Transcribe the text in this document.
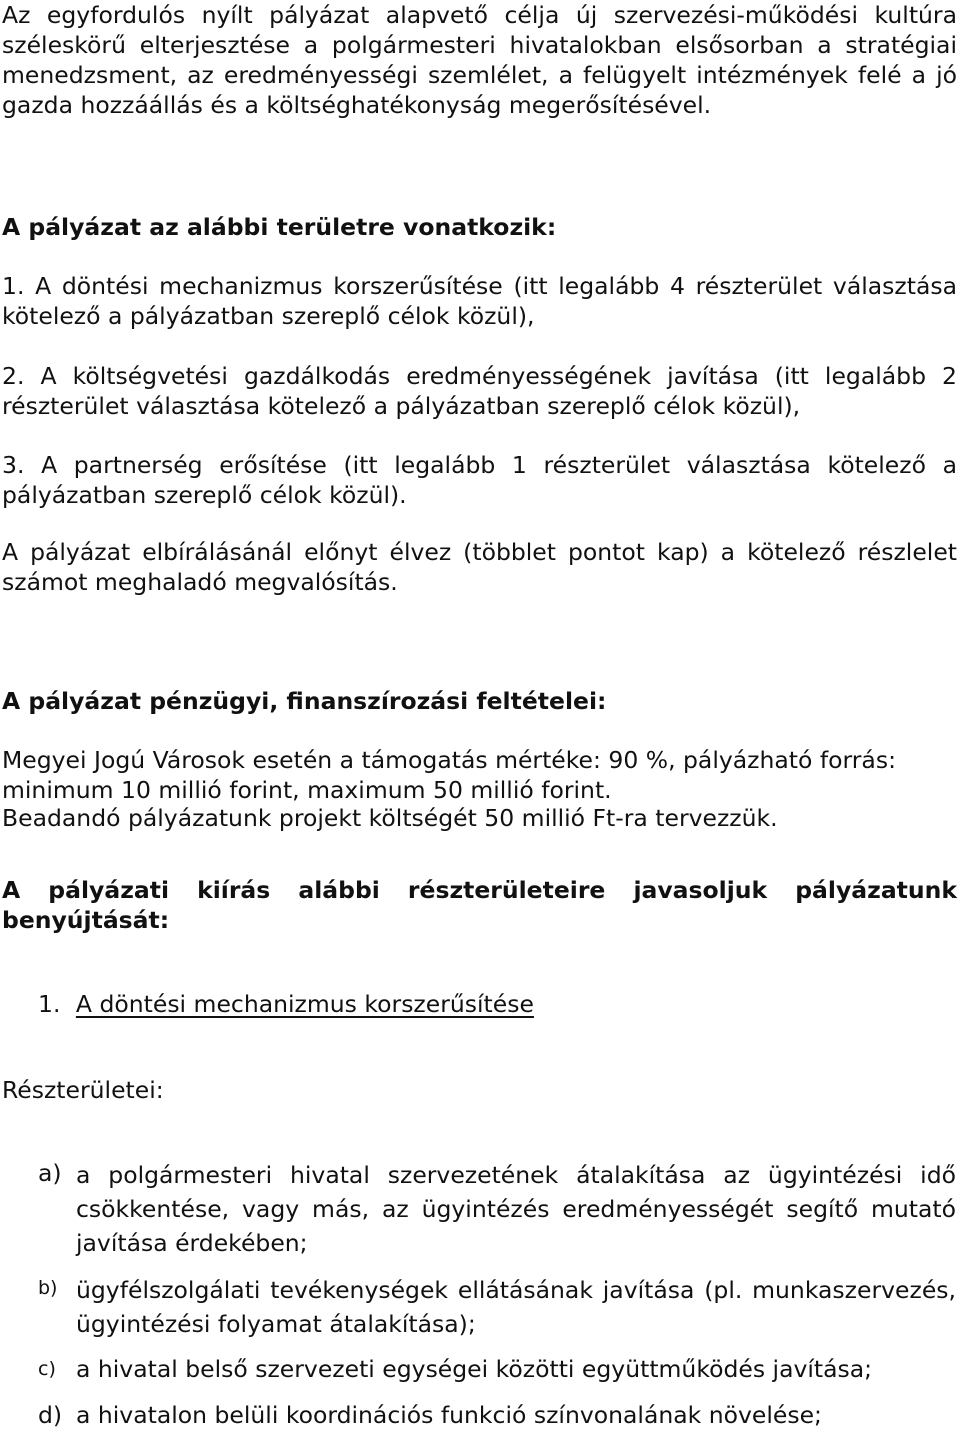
Az egyfordulós nyílt pályázat alapvető célja új szervezési-működési kultúra széleskörű elterjesztése a polgármesteri hivatalokban elsősorban a stratégiai menedzsment, az eredményességi szemlélet, a felügyelt intézmények felé a jó gazda hozzáállás és a költséghatékonyság megerősítésével.

A pályázat az alábbi területre vonatkozik:

1. A döntési mechanizmus korszerűsítése (itt legalább 4 részterület választása kötelező a pályázatban szereplő célok közül),

2. A költségvetési gazdálkodás eredményességének javítása (itt legalább 2 részterület választása kötelező a pályázatban szereplő célok közül),

3. A partnerség erősítése (itt legalább 1 részterület választása kötelező a pályázatban szereplő célok közül).

A pályázat elbírálásánál előnyt élvez (többlet pontot kap) a kötelező részlelet számot meghaladó megvalósítás.

A pályázat pénzügyi, finanszírozási feltételei:

Megyei Jogú Városok esetén a támogatás mértéke: 90 %, pályázható forrás: minimum 10 millió forint, maximum 50 millió forint.

Beadandó pályázatunk projekt költségét 50 millió Ft-ra tervezzük.

A pályázati kiírás alábbi részterületeire javasoljuk pályázatunk benyújtását:

1. A döntési mechanizmus korszerűsítése

Részterületei:

a) a polgármesteri hivatal szervezetének átalakítása az ügyintézési idő csökkentése, vagy más, az ügyintézés eredményességét segítő mutató javítása érdekében;
b) ügyfélszolgálati tevékenységek ellátásának javítása (pl. munkaszervezés, ügyintézési folyamat átalakítása);
c) a hivatal belső szervezeti egységei közötti együttműködés javítása;
d) a hivatalon belüli koordinációs funkció színvonalának növelése;
